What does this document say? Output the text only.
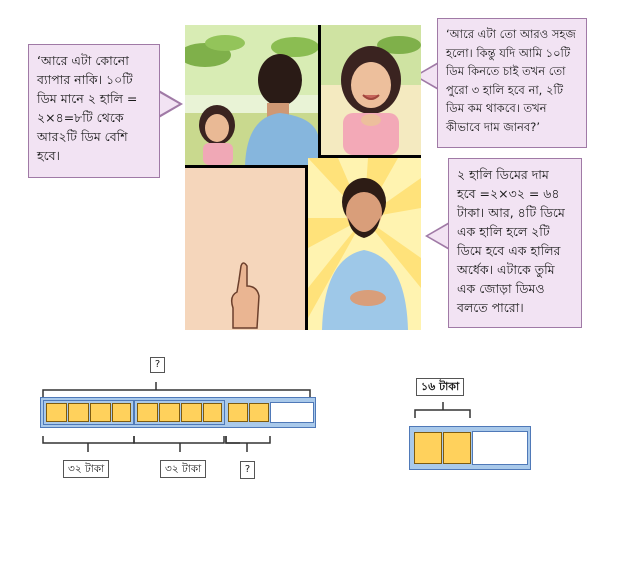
‘আরে এটা কোনো
ব্যাপার নাকি। ১০টি
ডিম মানে ২ হালি =
২×৪=৮টি থেকে
আর২টি ডিম বেশি
হবে।
‘আরে এটা তো আরও সহজ
হলো। কিন্তু যদি আমি ১০টি
ডিম কিনতে চাই তখন তো
পুরো ৩ হালি হবে না, ২টি
ডিম কম থাকবে। তখন
কীভাবে দাম জানব?’
২ হালি ডিমের দাম
হবে =২×৩২ = ৬৪
টাকা। আর, ৪টি ডিমে
এক হালি হলে ২টি
ডিমে হবে এক হালির
অর্ধেক। এটাকে তুমি
এক জোড়া ডিমও
বলতে পারো।
?
৩২ টাকা	৩২ টাকা	?
১৬ টাকা
